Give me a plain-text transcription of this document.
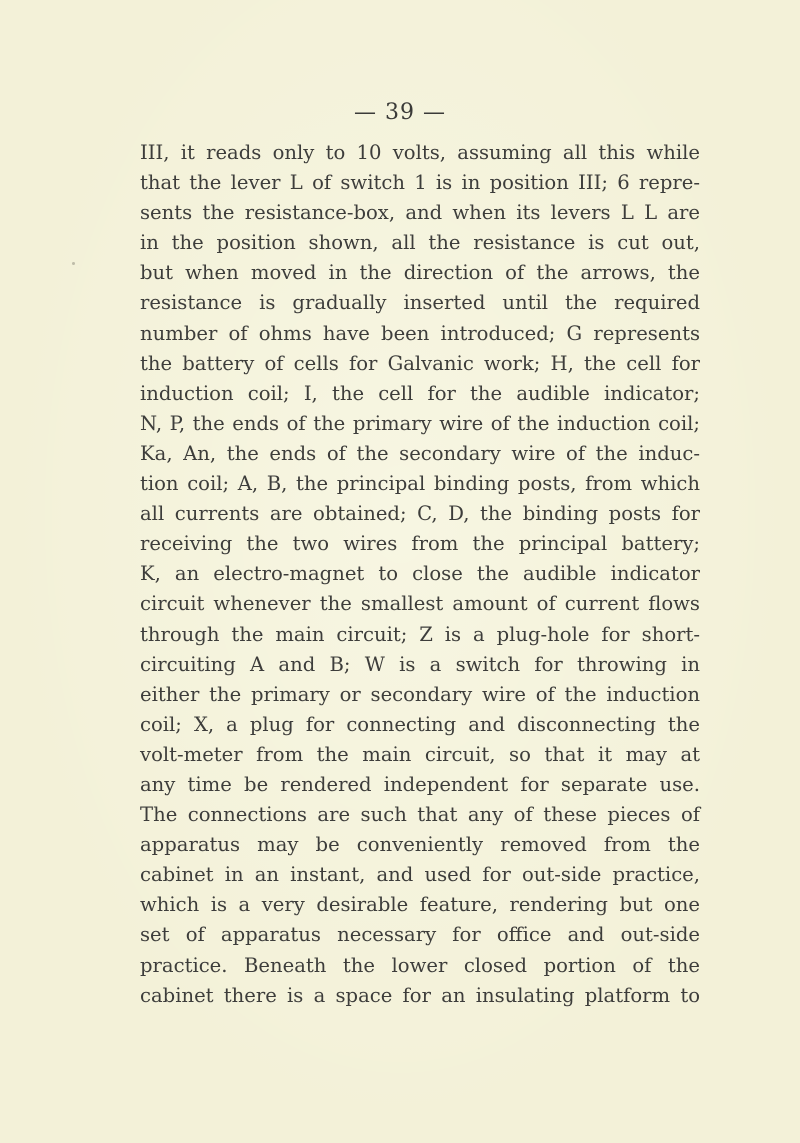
— 39 —
III, it reads only to 10 volts, assuming all this while
that the lever L of switch 1 is in position III; 6 repre-
sents the resistance-box, and when its levers L L are
in the position shown, all the resistance is cut out,
but when moved in the direction of the arrows, the
resistance is gradually inserted until the required
number of ohms have been introduced; G represents
the battery of cells for Galvanic work; H, the cell for
induction coil; I, the cell for the audible indicator;
N, P, the ends of the primary wire of the induction coil;
Ka, An, the ends of the secondary wire of the induc-
tion coil; A, B, the principal binding posts, from which
all currents are obtained; C, D, the binding posts for
receiving the two wires from the principal battery;
K, an electro-magnet to close the audible indicator
circuit whenever the smallest amount of current flows
through the main circuit; Z is a plug-hole for short-
circuiting A and B; W is a switch for throwing in
either the primary or secondary wire of the induction
coil; X, a plug for connecting and disconnecting the
volt-meter from the main circuit, so that it may at
any time be rendered independent for separate use.
The connections are such that any of these pieces of
apparatus may be conveniently removed from the
cabinet in an instant, and used for out-side practice,
which is a very desirable feature, rendering but one
set of apparatus necessary for office and out-side
practice. Beneath the lower closed portion of the
cabinet there is a space for an insulating platform to
